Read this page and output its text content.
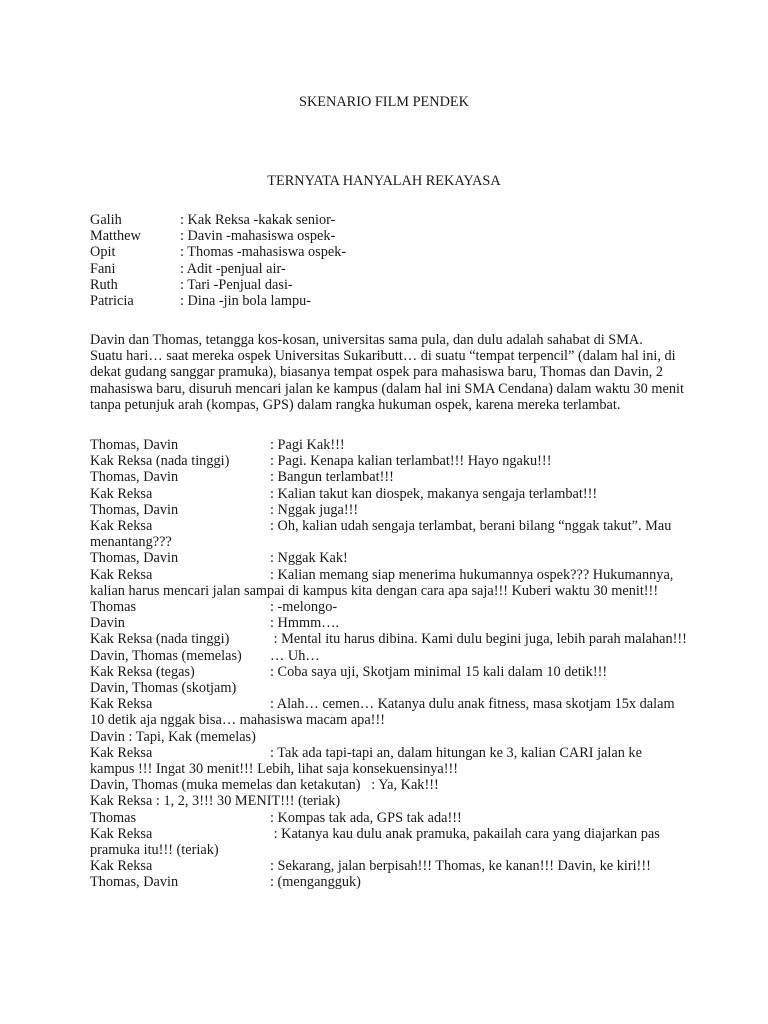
SKENARIO FILM PENDEK
TERNYATA HANYALAH REKAYASA
Galih	: Kak Reksa -kakak senior-
Matthew	: Davin -mahasiswa ospek-
Opit	: Thomas -mahasiswa ospek-
Fani	: Adit -penjual air-
Ruth	: Tari -Penjual dasi-
Patricia	: Dina -jin bola lampu-
Davin dan Thomas, tetangga kos-kosan, universitas sama pula, dan dulu adalah sahabat di SMA.
Suatu hari… saat mereka ospek Universitas Sukaributt… di suatu “tempat terpencil” (dalam hal ini, di
dekat gudang sanggar pramuka), biasanya tempat ospek para mahasiswa baru, Thomas dan Davin, 2
mahasiswa baru, disuruh mencari jalan ke kampus (dalam hal ini SMA Cendana) dalam waktu 30 menit
tanpa petunjuk arah (kompas, GPS) dalam rangka hukuman ospek, karena mereka terlambat.
Thomas, Davin	: Pagi Kak!!!
Kak Reksa (nada tinggi)	: Pagi. Kenapa kalian terlambat!!! Hayo ngaku!!!
Thomas, Davin	: Bangun terlambat!!!
Kak Reksa	: Kalian takut kan diospek, makanya sengaja terlambat!!!
Thomas, Davin	: Nggak juga!!!
Kak Reksa	: Oh, kalian udah sengaja terlambat, berani bilang “nggak takut”. Mau
menantang???
Thomas, Davin	: Nggak Kak!
Kak Reksa	: Kalian memang siap menerima hukumannya ospek??? Hukumannya,
kalian harus mencari jalan sampai di kampus kita dengan cara apa saja!!! Kuberi waktu 30 menit!!!
Thomas	: -melongo-
Davin	: Hmmm….
Kak Reksa (nada tinggi)	: Mental itu harus dibina. Kami dulu begini juga, lebih parah malahan!!!
Davin, Thomas (memelas) … Uh…
Kak Reksa (tegas)	: Coba saya uji, Skotjam minimal 15 kali dalam 10 detik!!!
Davin, Thomas (skotjam)
Kak Reksa	: Alah… cemen… Katanya dulu anak fitness, masa skotjam 15x dalam
10 detik aja nggak bisa… mahasiswa macam apa!!!
Davin : Tapi, Kak (memelas)
Kak Reksa	: Tak ada tapi-tapi an, dalam hitungan ke 3, kalian CARI jalan ke
kampus !!! Ingat 30 menit!!! Lebih, lihat saja konsekuensinya!!!
Davin, Thomas (muka memelas dan ketakutan)   : Ya, Kak!!!
Kak Reksa : 1, 2, 3!!! 30 MENIT!!! (teriak)
Thomas	: Kompas tak ada, GPS tak ada!!!
Kak Reksa	: Katanya kau dulu anak pramuka, pakailah cara yang diajarkan pas
pramuka itu!!! (teriak)
Kak Reksa	: Sekarang, jalan berpisah!!! Thomas, ke kanan!!! Davin, ke kiri!!!
Thomas, Davin	: (mengangguk)
